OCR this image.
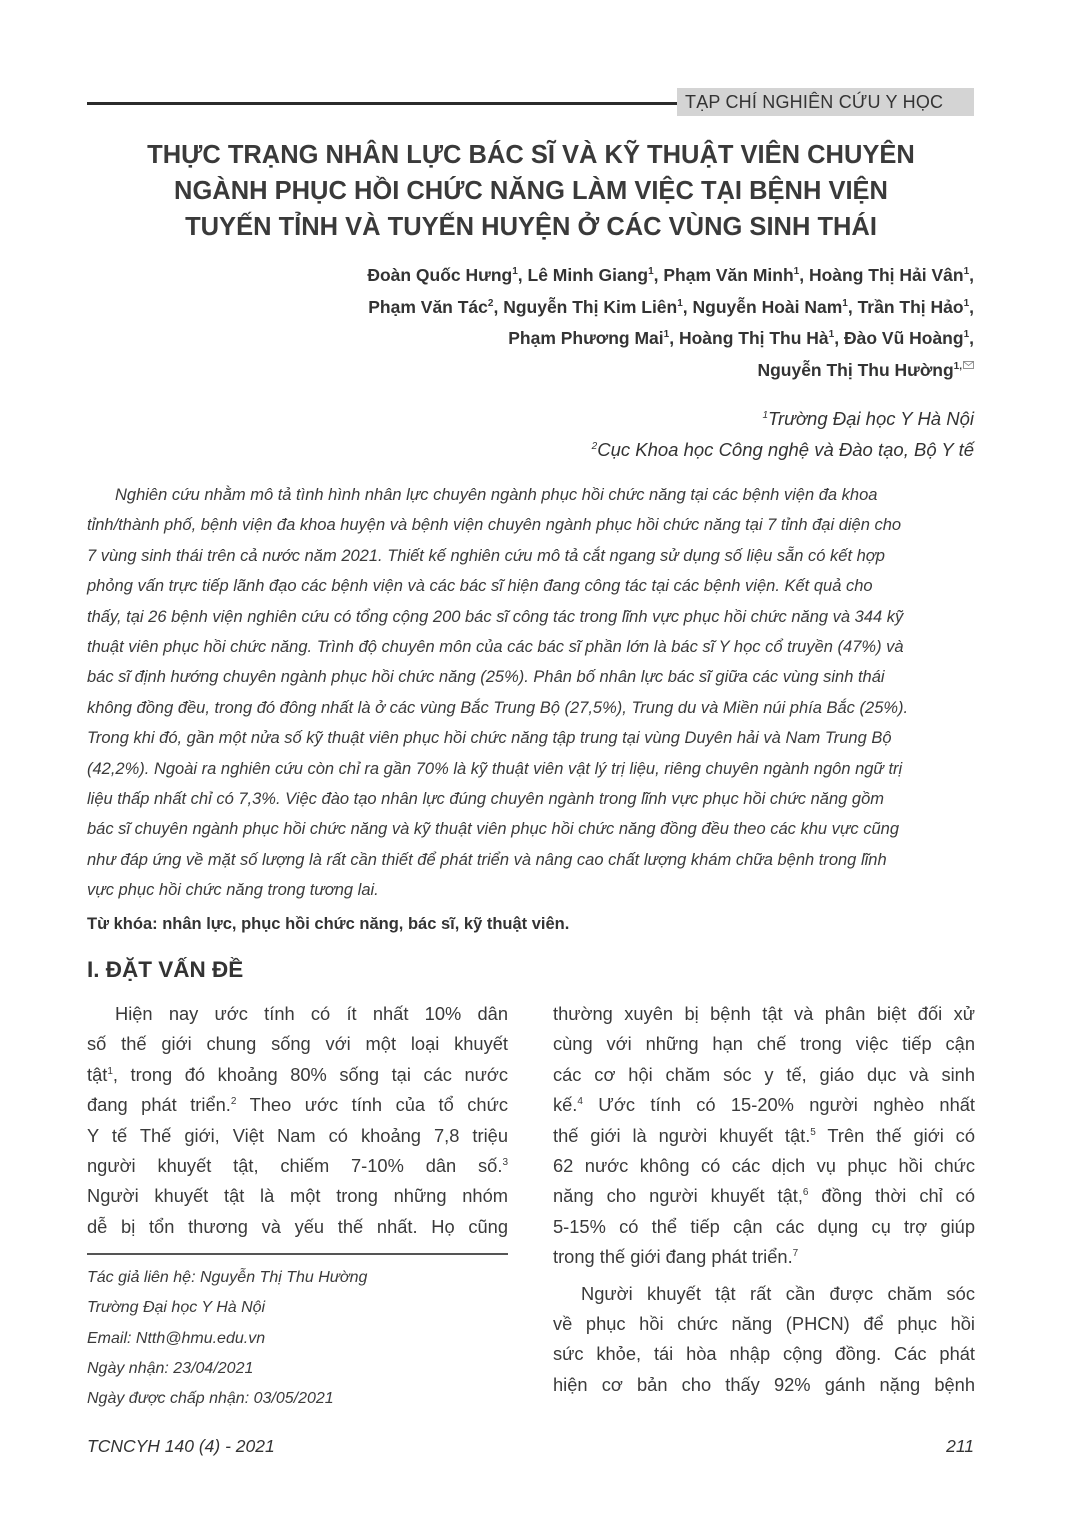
TẠP CHÍ NGHIÊN CỨU Y HỌC
THỰC TRẠNG NHÂN LỰC BÁC SĨ VÀ KỸ THUẬT VIÊN CHUYÊN
NGÀNH PHỤC HỒI CHỨC NĂNG LÀM VIỆC TẠI BỆNH VIỆN
TUYẾN TỈNH VÀ TUYẾN HUYỆN Ở CÁC VÙNG SINH THÁI
Đoàn Quốc Hưng$^1$, Lê Minh Giang$^1$, Phạm Văn Minh$^1$, Hoàng Thị Hải Vân$^1$,
Phạm Văn Tác$^2$, Nguyễn Thị Kim Liên$^1$, Nguyễn Hoài Nam$^1$, Trần Thị Hảo$^1$,
Phạm Phương Mai$^1$, Hoàng Thị Thu $Hà^1$, Đào Vũ Hoàng$^1$,
Nguyễn Thị Thu Hường$^{1,}$
$^1$Trường Đại học Y Hà Nội
$^2$Cục Khoa học Công nghệ và Đào tạo, Bộ Y tế
Nghiên cứu nhằm mô tả tình hình nhân lực chuyên ngành phục hồi chức năng tại các bệnh viện đa khoa
tỉnh/thành phố, bệnh viện đa khoa huyện và bệnh viện chuyên ngành phục hồi chức năng tại 7 tỉnh đại diện cho
7 vùng sinh thái trên cả nước năm 2021. Thiết kế nghiên cứu mô tả cắt ngang sử dụng số liệu sẵn có kết hợp
phỏng vấn trực tiếp lãnh đạo các bệnh viện và các bác sĩ hiện đang công tác tại các bệnh viện. Kết quả cho
thấy, tại 26 bệnh viện nghiên cứu có tổng cộng 200 bác sĩ công tác trong lĩnh vực phục hồi chức năng và 344 kỹ
thuật viên phục hồi chức năng. Trình độ chuyên môn của các bác sĩ phần lớn là bác sĩ Y học cổ truyền (47%) và
bác sĩ định hướng chuyên ngành phục hồi chức năng (25%). Phân bố nhân lực bác sĩ giữa các vùng sinh thái
không đồng đều, trong đó đông nhất là ở các vùng Bắc Trung Bộ (27,5%), Trung du và Miền núi phía Bắc (25%).
Trong khi đó, gần một nửa số kỹ thuật viên phục hồi chức năng tập trung tại vùng Duyên hải và Nam Trung Bộ
(42,2%). Ngoài ra nghiên cứu còn chỉ ra gần 70% là kỹ thuật viên vật lý trị liệu, riêng chuyên ngành ngôn ngữ trị
liệu thấp nhất chỉ có 7,3%. Việc đào tạo nhân lực đúng chuyên ngành trong lĩnh vực phục hồi chức năng gồm
bác sĩ chuyên ngành phục hồi chức năng và kỹ thuật viên phục hồi chức năng đồng đều theo các khu vực cũng
như đáp ứng về mặt số lượng là rất cần thiết để phát triển và nâng cao chất lượng khám chữa bệnh trong lĩnh
vực phục hồi chức năng trong tương lai.
Từ khóa: nhân lực, phục hồi chức năng, bác sĩ, kỹ thuật viên.
I. ĐẶT VẤN ĐỀ
Hiện nay ước tính có ít nhất 10% dân
số thế giới chung sống với một loại khuyết
tật$^1$, trong đó khoảng 80% sống tại các nước
đang phát triển.$^2$ Theo ước tính của tổ chức
Y tế Thế giới, Việt Nam có khoảng 7,8 triệu
người khuyết tật, chiếm 7-10% dân số.$^3$
Người khuyết tật là một trong những nhóm
dễ bị tổn thương và yếu thế nhất. Họ cũng
thường xuyên bị bệnh tật và phân biệt đối xử
cùng với những hạn chế trong việc tiếp cận
các cơ hội chăm sóc y tế, giáo dục và sinh
kế.$^4$ Ước tính có 15-20% người nghèo nhất
thế giới là người khuyết tật.$^5$ Trên thế giới có
62 nước không có các dịch vụ phục hồi chức
năng cho người khuyết tật,$^6$ đồng thời chỉ có
5-15% có thể tiếp cận các dụng cụ trợ giúp
trong thế giới đang phát triển.$^7$
Người khuyết tật rất cần được chăm sóc
về phục hồi chức năng (PHCN) để phục hồi
sức khỏe, tái hòa nhập cộng đồng. Các phát
hiện cơ bản cho thấy 92% gánh nặng bệnh
Tác giả liên hệ: Nguyễn Thị Thu Hường
Trường Đại học Y Hà Nội
Email: Ntth@hmu.edu.vn
Ngày nhận: 23/04/2021
Ngày được chấp nhận: 03/05/2021
TCNCYH 140 (4) - 2021	211
